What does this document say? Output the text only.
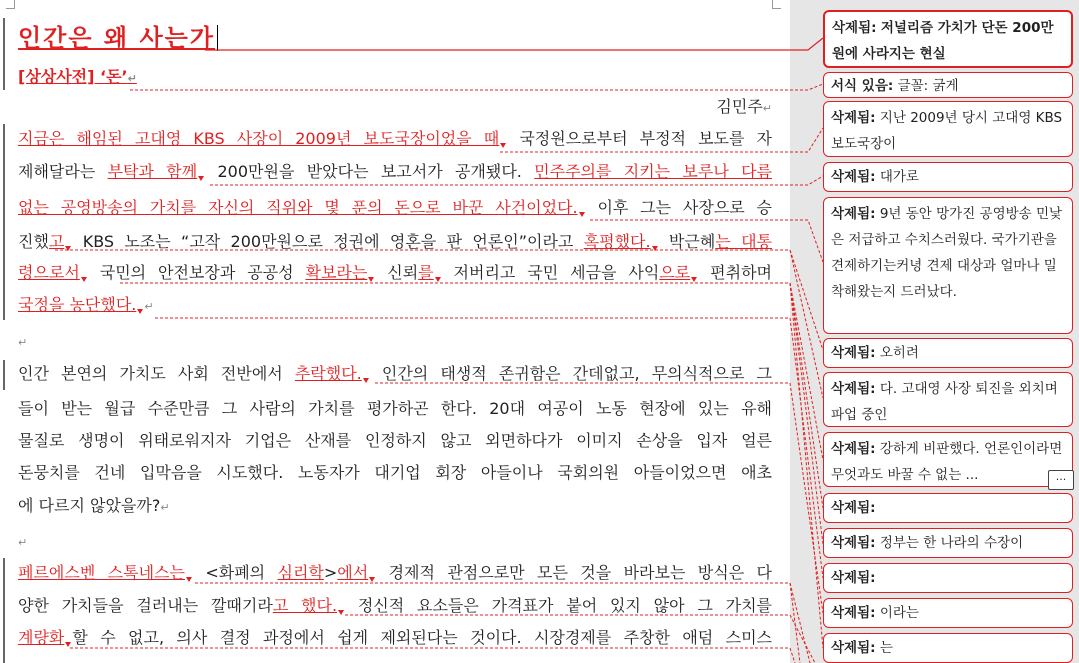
인간은 왜 사는가
[상상사전] ‘돈’↵
김민주↵

지금은 해임된 고대영 KBS 사장이 2009년 보도국장이었을 때 국정원으로부터 부정적 보도를 자

제해달라는 부탁과 함께 200만원을 받았다는 보고서가 공개됐다. 민주주의를 지키는 보루나 다름

없는 공영방송의 가치를 자신의 직위와 몇 푼의 돈으로 바꾼 사건이었다. 이후 그는 사장으로 승

진했고 KBS 노조는 “고작 200만원으로 정권에 영혼을 판 언론인”이라고 혹평했다. 박근혜는 대통

령으로서 국민의 안전보장과 공공성 확보라는 신뢰를 저버리고 국민 세금을 사익으로 편취하며

국정을 농단했다. ↵

↵

인간 본연의 가치도 사회 전반에서 추락했다. 인간의 태생적 존귀함은 간데없고, 무의식적으로 그

들이 받는 월급 수준만큼 그 사람의 가치를 평가하곤 한다. 20대 여공이 노동 현장에 있는 유해

물질로 생명이 위태로워지자 기업은 산재를 인정하지 않고 외면하다가 이미지 손상을 입자 얼른

돈뭉치를 건네 입막음을 시도했다. 노동자가 대기업 회장 아들이나 국회의원 아들이었으면 애초

에 다르지 않았을까?↵

↵

페르에스벤 스톡네스는 <화폐의 심리학>에서 경제적 관점으로만 모든 것을 바라보는 방식은 다

양한 가치들을 걸러내는 깔때기라고 했다. 정신적 요소들은 가격표가 붙어 있지 않아 그 가치를

계량화 할 수 없고, 의사 결정 과정에서 쉽게 제외된다는 것이다. 시장경제를 주창한 애덤 스미스

삭제됨: 저널리즘 가치가 단돈 200만원에 사라지는 현실
서식 있음: 글꼴: 굵게
삭제됨: 지난 2009년 당시 고대영 KBS 보도국장이
삭제됨: 대가로
삭제됨: 9년 동안 망가진 공영방송 민낯은 저급하고 수치스러웠다. 국가기관을 견제하기는커녕 견제 대상과 얼마나 밀착해왔는지 드러났다.
삭제됨: 오히려
삭제됨: 다. 고대영 사장 퇴진을 외치며 파업 중인
삭제됨: 강하게 비판했다. 언론인이라면 무엇과도 바꿀 수 없는 ...	...
삭제됨:
삭제됨: 정부는 한 나라의 수장이
삭제됨:
삭제됨: 이라는
삭제됨: 는
